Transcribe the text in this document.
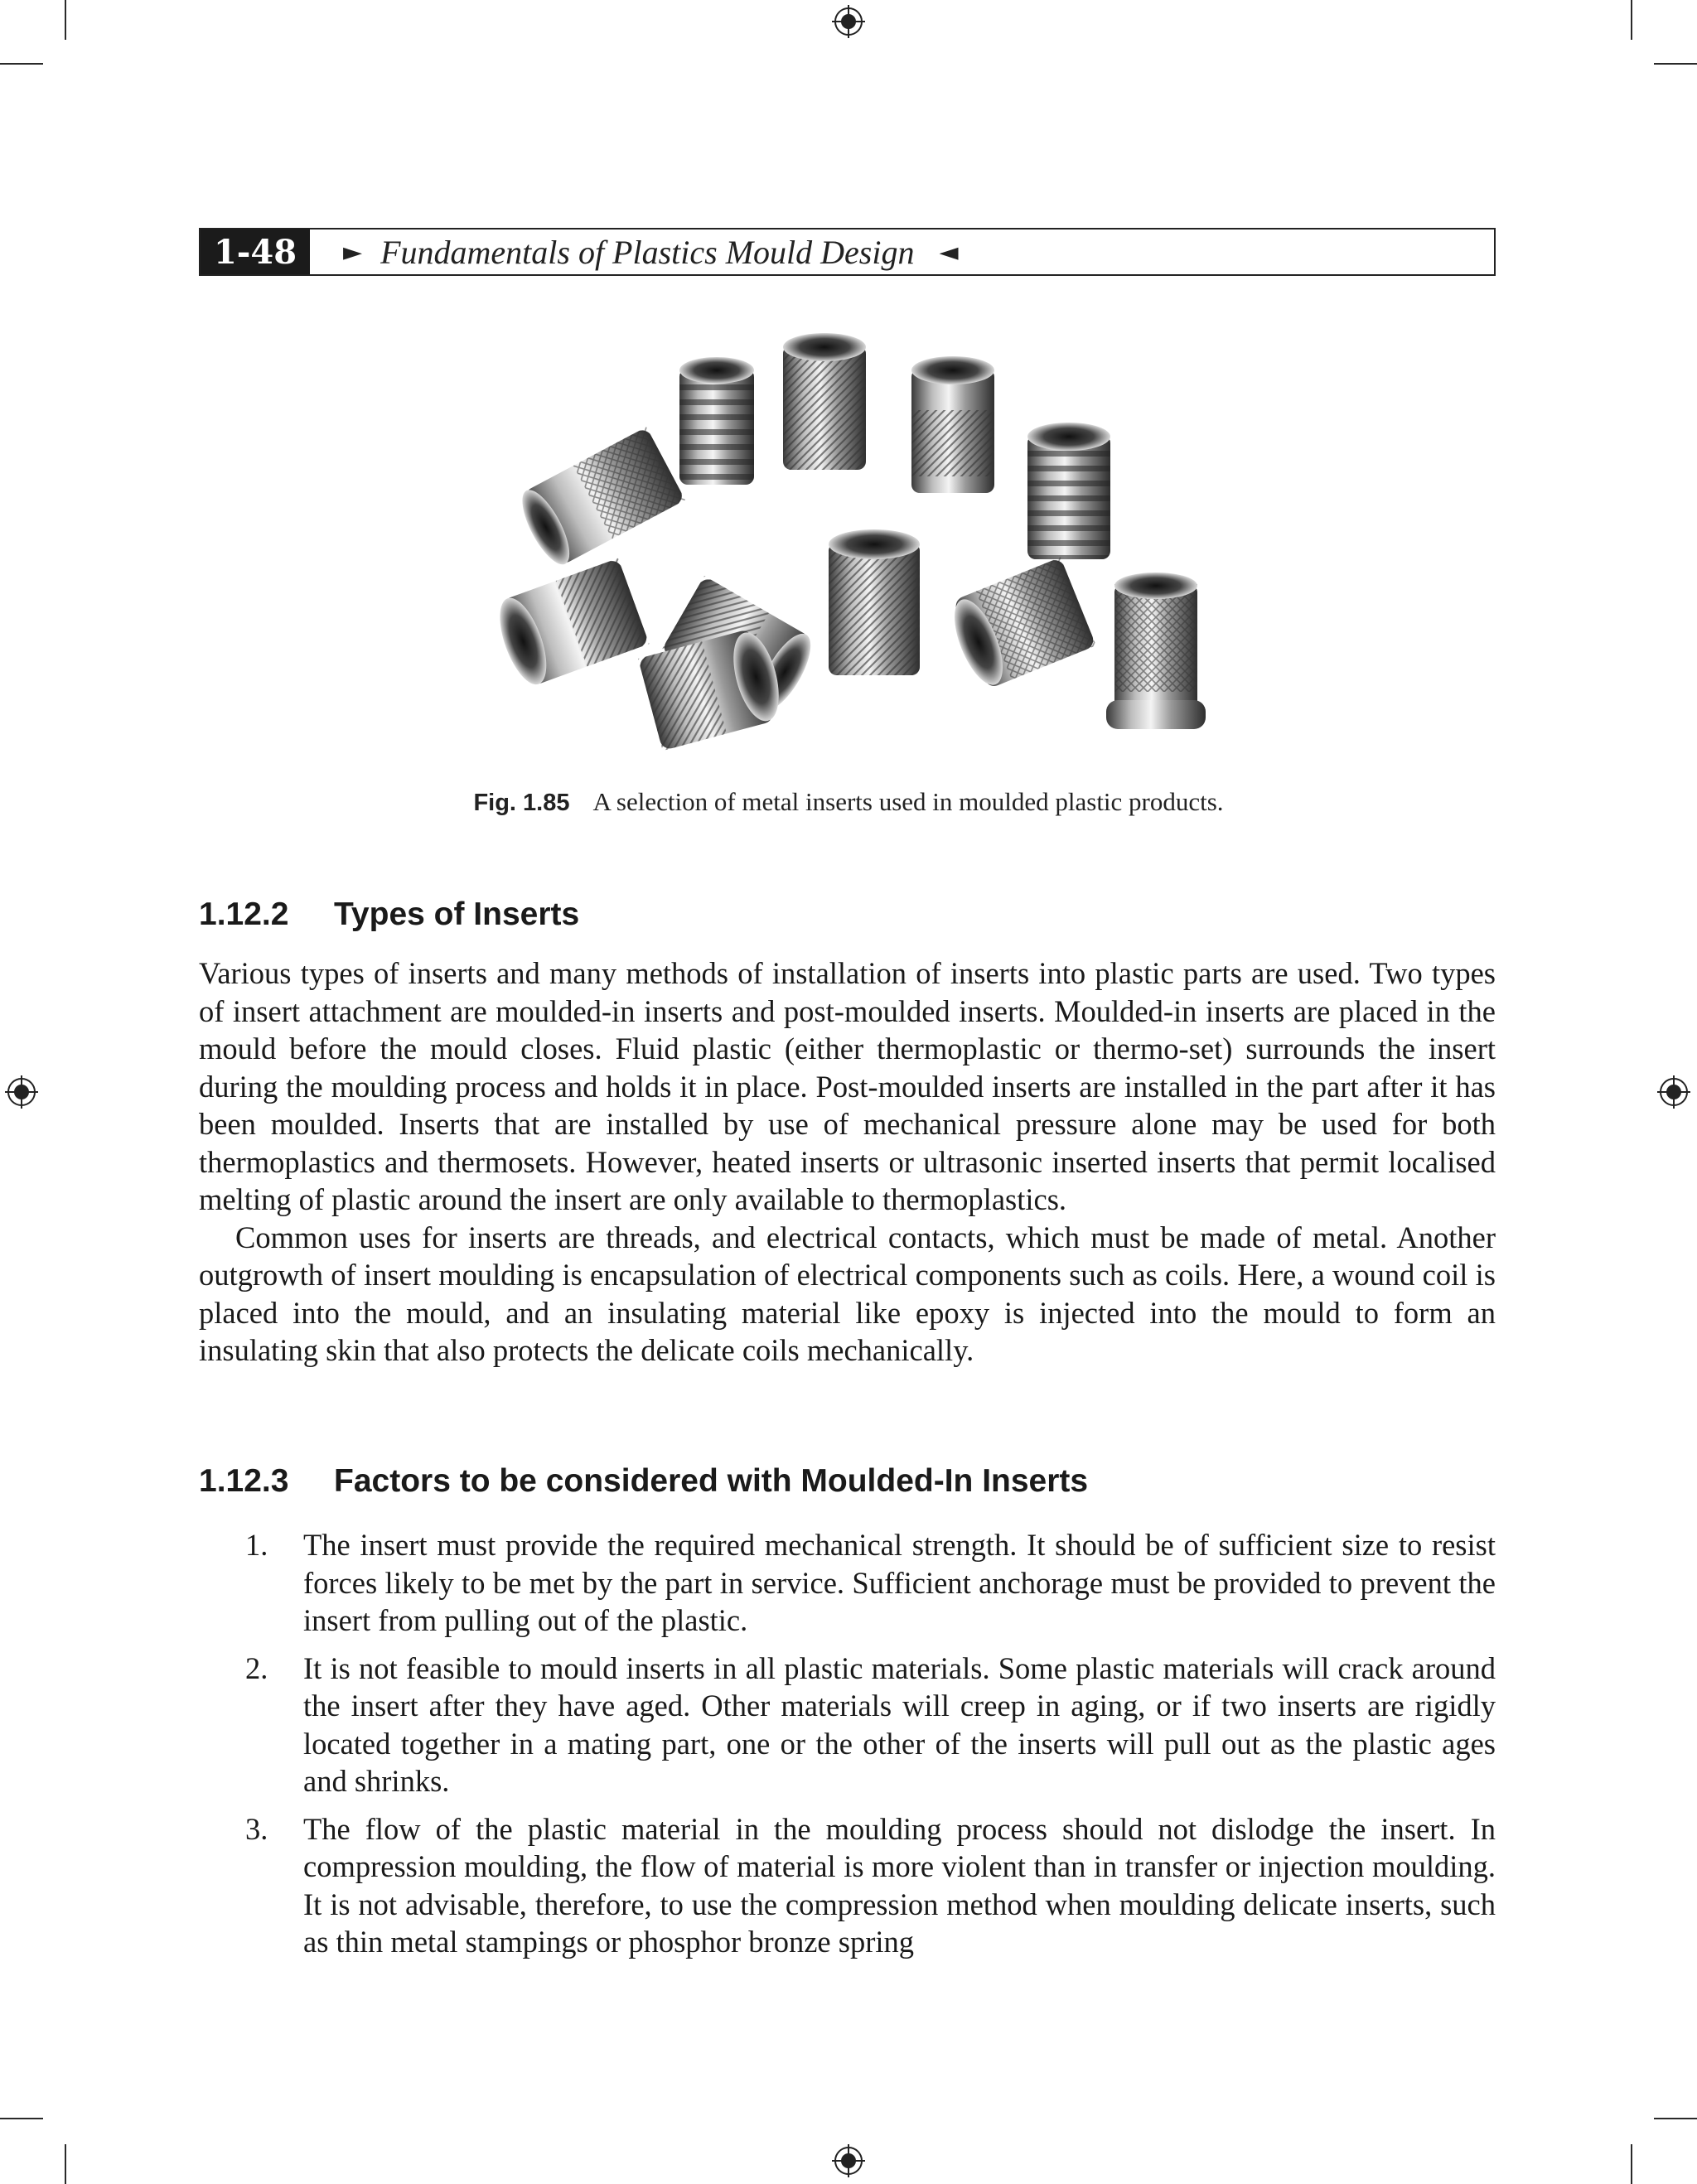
1-48	► Fundamentals of Plastics Mould Design ◄
Fig. 1.85 A selection of metal inserts used in moulded plastic products.
1.12.2 Types of Inserts

Various types of inserts and many methods of installation of inserts into plastic parts are used. Two types of insert attachment are moulded-in inserts and post-moulded inserts. Moulded-in inserts are placed in the mould before the mould closes. Fluid plastic (either thermoplastic or thermo-set) surrounds the insert during the moulding process and holds it in place. Post-moulded inserts are installed in the part after it has been moulded. Inserts that are installed by use of mechanical pressure alone may be used for both thermoplastics and thermosets. However, heated inserts or ultrasonic inserted inserts that permit localised melting of plastic around the insert are only available to thermoplastics.

Common uses for inserts are threads, and electrical contacts, which must be made of metal. Another outgrowth of insert moulding is encapsulation of electrical components such as coils. Here, a wound coil is placed into the mould, and an insulating material like epoxy is injected into the mould to form an insulating skin that also protects the delicate coils mechanically.

1.12.3 Factors to be considered with Moulded-In Inserts
1. The insert must provide the required mechanical strength. It should be of sufficient size to resist forces likely to be met by the part in service. Sufficient anchorage must be provided to prevent the insert from pulling out of the plastic.
2. It is not feasible to mould inserts in all plastic materials. Some plastic materials will crack around the insert after they have aged. Other materials will creep in aging, or if two inserts are rigidly located together in a mating part, one or the other of the inserts will pull out as the plastic ages and shrinks.
3. The flow of the plastic material in the moulding process should not dislodge the insert. In compression moulding, the flow of material is more violent than in transfer or injection moulding. It is not advisable, therefore, to use the compression method when moulding delicate inserts, such as thin metal stampings or phosphor bronze spring
